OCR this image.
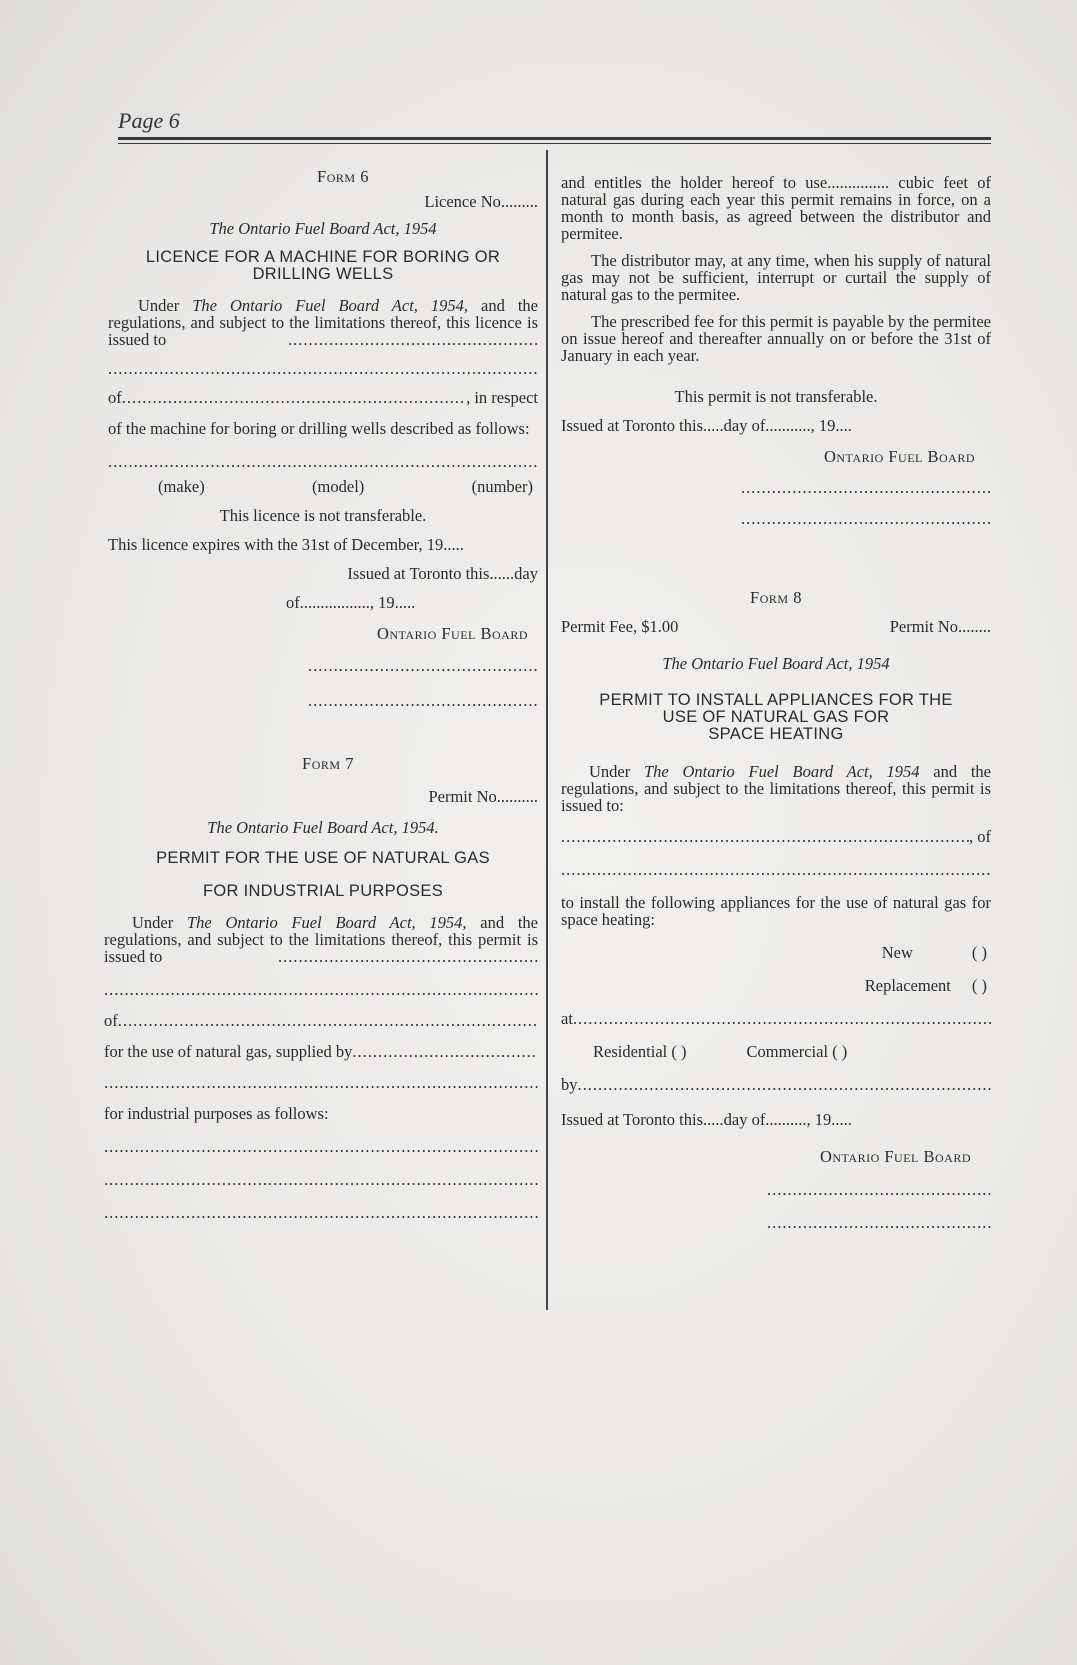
Page 6
Form 6
Licence No.........
The Ontario Fuel Board Act, 1954
LICENCE FOR A MACHINE FOR BORING OR
DRILLING WELLS

Under The Ontario Fuel Board Act, 1954, and the regulations, and subject to the limitations thereof, this licence is issued to

.....
.....
of
.....	, in respect

of the machine for boring or drilling wells described as follows:

.....
(make)	(model)	(number)
This licence is not transferable.
This licence expires with the 31st of December, 19.....
Issued at Toronto this......day
of................., 19.....
Ontario Fuel Board
.....
.....
Form 7
Permit No..........
The Ontario Fuel Board Act, 1954.
PERMIT FOR THE USE OF NATURAL GAS
FOR INDUSTRIAL PURPOSES

Under The Ontario Fuel Board Act, 1954, and the regulations, and subject to the limitations thereof, this permit is issued to

.....
.....
of
.....
for the use of natural gas, supplied by
.....
.....
for industrial purposes as follows:
.....
.....
.....

and entitles the holder hereof to use............... cubic feet of natural gas during each year this permit remains in force, on a month to month basis, as agreed between the distributor and permitee.

The distributor may, at any time, when his supply of natural gas may not be sufficient, interrupt or curtail the supply of natural gas to the permitee.

The prescribed fee for this permit is payable by the permitee on issue hereof and thereafter annually on or before the 31st of January in each year.

This permit is not transferable.
Issued at Toronto this.....day of..........., 19....
Ontario Fuel Board
.....
.....
Form 8
Permit Fee, $1.00	Permit No........
The Ontario Fuel Board Act, 1954
PERMIT TO INSTALL APPLIANCES FOR THE
USE OF NATURAL GAS FOR
SPACE HEATING

Under The Ontario Fuel Board Act, 1954 and the regulations, and subject to the limitations thereof, this permit is issued to:

.....
, of
.....

to install the following appliances for the use of natural gas for space heating:

New	( )
Replacement ( )
at
.....
Residential ( )	Commercial ( )
by
.....
Issued at Toronto this.....day of.........., 19.....
Ontario Fuel Board
.....
.....
